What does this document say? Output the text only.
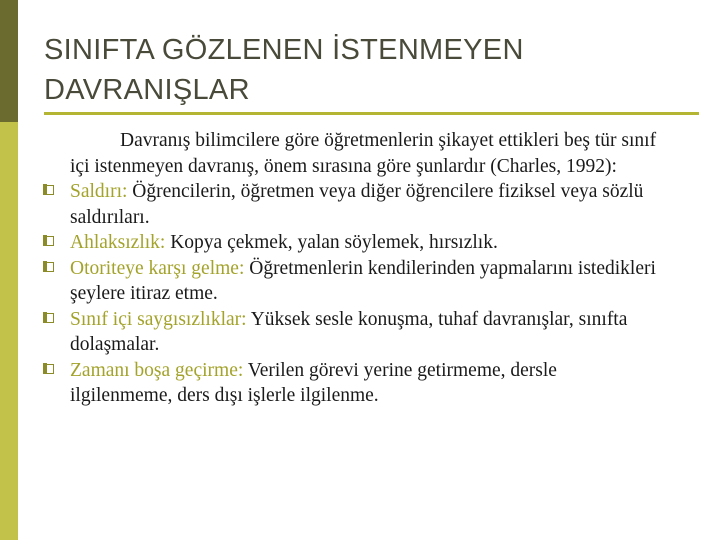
SINIFTA GÖZLENEN İSTENMEYEN DAVRANIŞLAR
Davranış bilimcilere göre öğretmenlerin şikayet ettikleri beş tür sınıf içi istenmeyen davranış, önem sırasına göre şunlardır (Charles, 1992):
Saldırı: Öğrencilerin, öğretmen veya diğer öğrencilere fiziksel veya sözlü saldırıları.
Ahlaksızlık: Kopya çekmek, yalan söylemek, hırsızlık.
Otoriteye karşı gelme: Öğretmenlerin kendilerinden yapmalarını istedikleri şeylere itiraz etme.
Sınıf içi saygısızlıklar: Yüksek sesle konuşma, tuhaf davranışlar, sınıfta dolaşmalar.
Zamanı boşa geçirme: Verilen görevi yerine getirmeme, dersle ilgilenmeme, ders dışı işlerle ilgilenme.
